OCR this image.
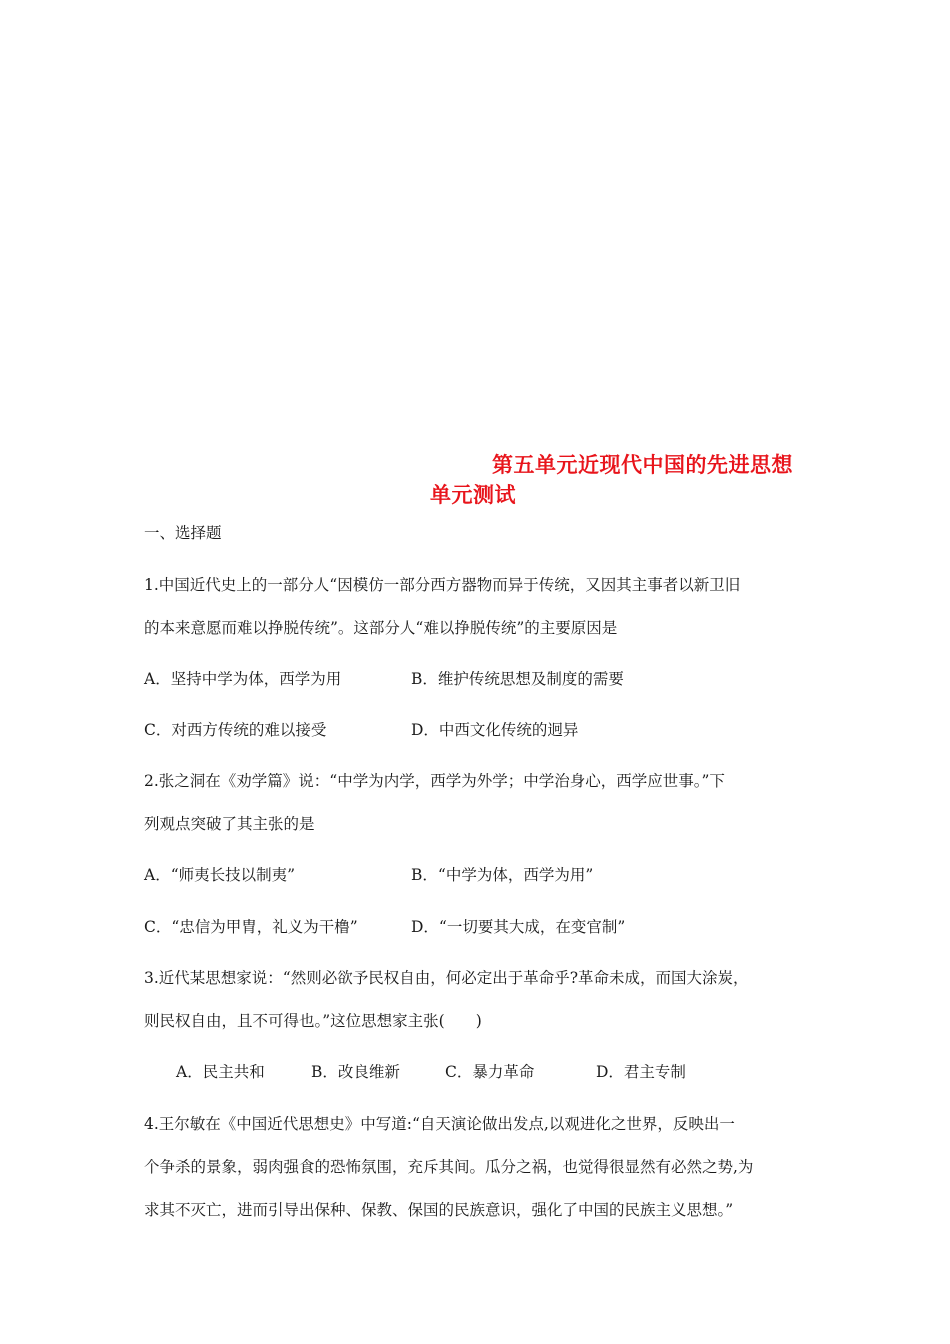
第五单元近现代中国的先进思想
单元测试
一、选择题
1.中国近代史上的一部分人“因模仿一部分西方器物而异于传统，又因其主事者以新卫旧
的本来意愿而难以挣脱传统”。这部分人“难以挣脱传统”的主要原因是
A．坚持中学为体，西学为用	B．维护传统思想及制度的需要
C．对西方传统的难以接受	D．中西文化传统的迥异
2.张之洞在《劝学篇》说：“中学为内学，西学为外学；中学治身心，西学应世事。”下
列观点突破了其主张的是
A．“师夷长技以制夷”	B．“中学为体，西学为用”
C．“忠信为甲胄，礼义为干橹”	D．“一切要其大成，在变官制”
3.近代某思想家说：“然则必欲予民权自由，何必定出于革命乎?革命未成，而国大涂炭，
则民权自由，且不可得也。”这位思想家主张(　　)
A．民主共和	B．改良维新	C．暴力革命	D．君主专制
4.王尔敏在《中国近代思想史》中写道:“自天演论做出发点,以观进化之世界，反映出一
个争杀的景象，弱肉强食的恐怖氛围，充斥其间。瓜分之祸，也觉得很显然有必然之势,为
求其不灭亡，进而引导出保种、保教、保国的民族意识，强化了中国的民族主义思想。”
